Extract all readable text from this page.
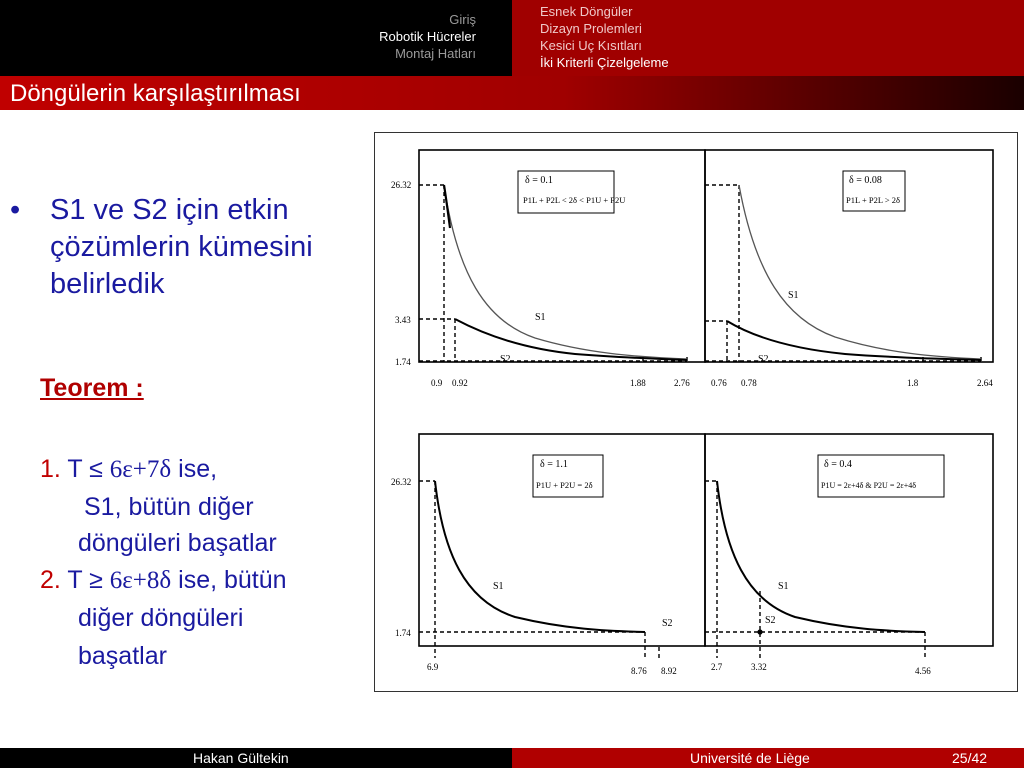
Giriş
Robotik Hücreler
Montaj Hatları
Esnek Döngüler
Dizayn Prolemleri
Kesici Uç Kısıtları
İki Kriterli Çizelgeleme
Döngülerin karşılaştırılması
• S1 ve S2 için etkin çözümlerin kümesini belirledik
Teorem :
1. T ≤ 6ε+7δ ise,
S1, bütün diğer
döngüleri başatlar
2. T ≥ 6ε+8δ ise, bütün
diğer döngüleri
başatlar
δ = 0.1
P1L + P2L < 2δ < P1U + P2U
S1
S2
26.32
3.43
1.74
0.9 0.92	1.88	2.76
δ = 0.08
P1L + P2L > 2δ
S1
S2
0.76 0.78	1.8	2.64
δ = 1.1
P1U + P2U = 2δ
S1
S2
26.32
1.74
6.9	8.76 8.92
δ = 0.4
P1U = 2ε+4δ & P2U = 2ε+4δ
S1
S2
2.7	3.32	4.56
Hakan Gültekin	Université de Liège	25/42
